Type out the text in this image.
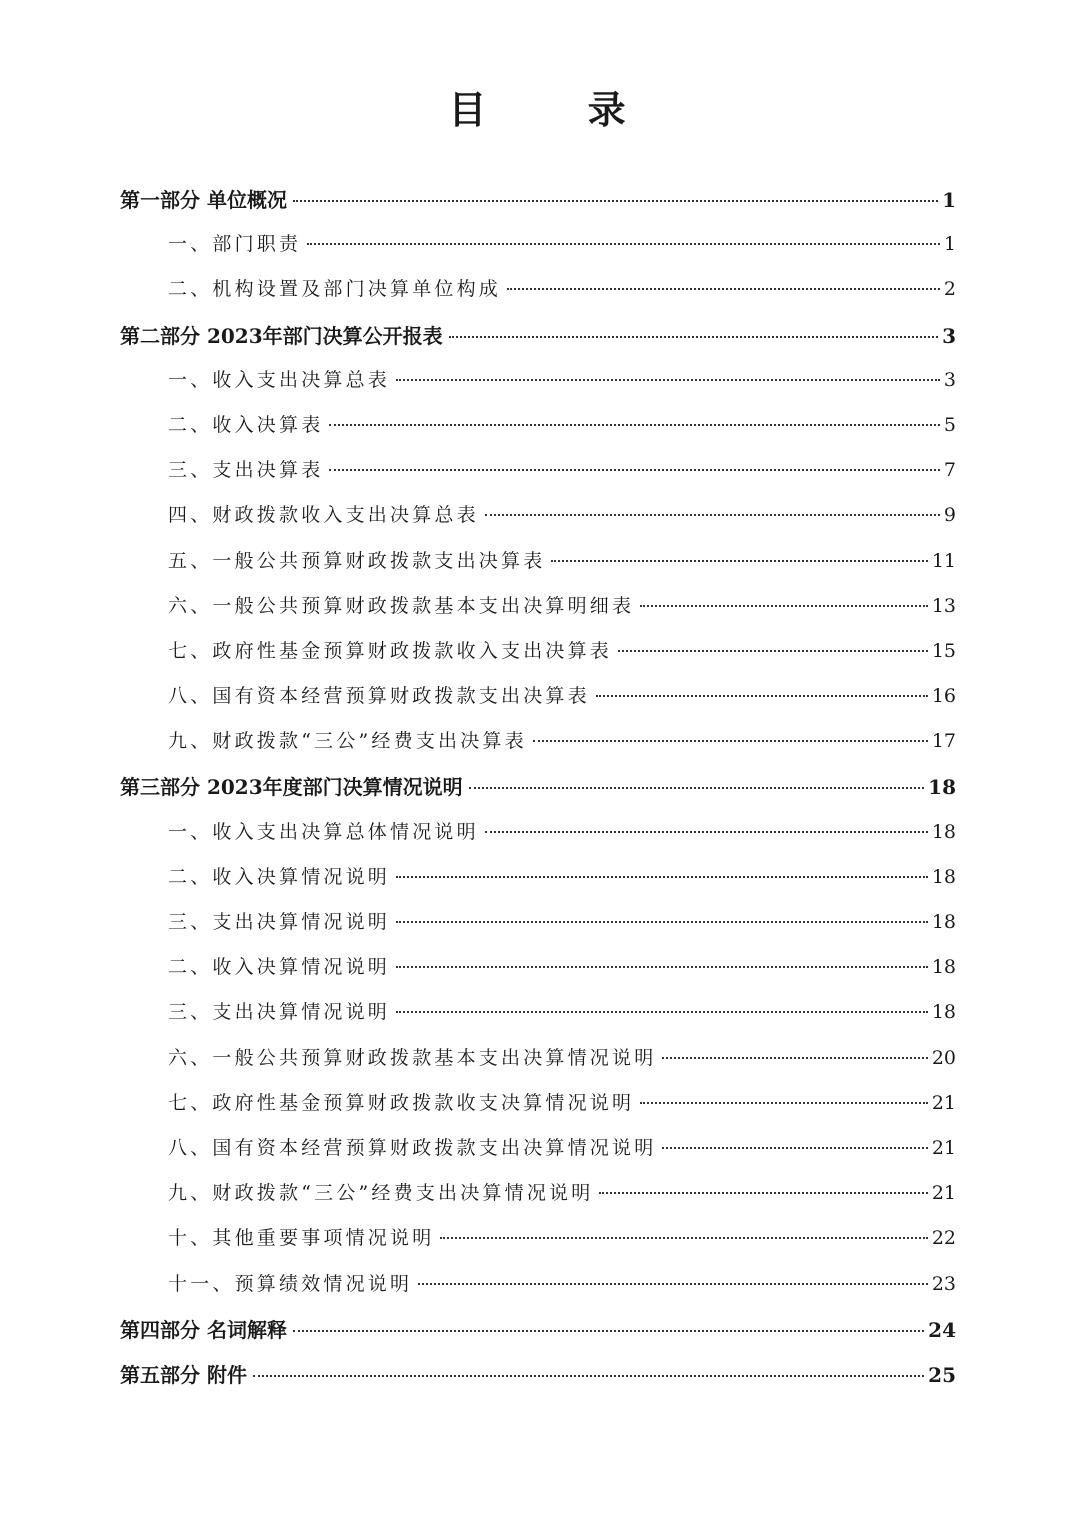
目 录
第一部分 单位概况	1
一、部门职责	1
二、机构设置及部门决算单位构成	2
第二部分 2023年部门决算公开报表	3
一、收入支出决算总表	3
二、收入决算表	5
三、支出决算表	7
四、财政拨款收入支出决算总表	9
五、一般公共预算财政拨款支出决算表	11
六、一般公共预算财政拨款基本支出决算明细表	13
七、政府性基金预算财政拨款收入支出决算表	15
八、国有资本经营预算财政拨款支出决算表	16
九、财政拨款“三公”经费支出决算表	17
第三部分 2023年度部门决算情况说明	18
一、收入支出决算总体情况说明	18
二、收入决算情况说明	18
三、支出决算情况说明	18
二、收入决算情况说明	18
三、支出决算情况说明	18
六、一般公共预算财政拨款基本支出决算情况说明	20
七、政府性基金预算财政拨款收支决算情况说明	21
八、国有资本经营预算财政拨款支出决算情况说明	21
九、财政拨款“三公”经费支出决算情况说明	21
十、其他重要事项情况说明	22
十一、预算绩效情况说明	23
第四部分 名词解释	24
第五部分 附件	25
